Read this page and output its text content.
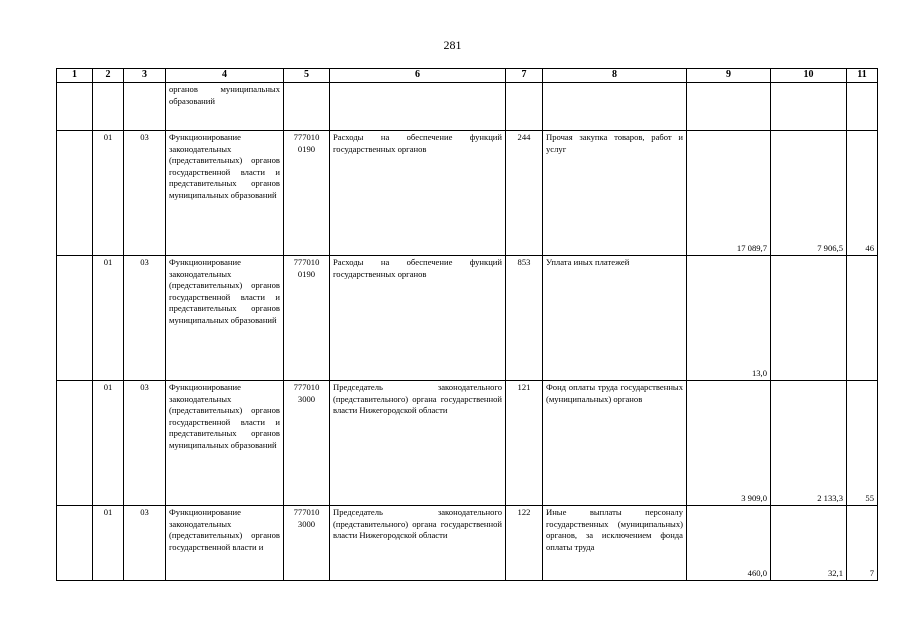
281
1	2	3	4	5	6	7	8	9	10	11
			органов муниципальных образований							
	01	03	Функционирование законодательных (представительных) органов государственной власти и представительных органов муниципальных образований	777010 0190	Расходы на обеспечение функций государственных органов	244	Прочая закупка товаров, работ и услуг	17 089,7	7 906,5	46
	01	03	Функционирование законодательных (представительных) органов государственной власти и представительных органов муниципальных образований	777010 0190	Расходы на обеспечение функций государственных органов	853	Уплата иных платежей	13,0		
	01	03	Функционирование законодательных (представительных) органов государственной власти и представительных органов муниципальных образований	777010 3000	Председатель законодательного (представительного) органа государственной власти Нижегородской области	121	Фонд оплаты труда государственных (муниципальных) органов	3 909,0	2 133,3	55
	01	03	Функционирование законодательных (представительных) органов государственной власти и	777010 3000	Председатель законодательного (представительного) органа государственной власти Нижегородской области	122	Иные выплаты персоналу государственных (муниципальных) органов, за исключением фонда оплаты труда	460,0	32,1	7
